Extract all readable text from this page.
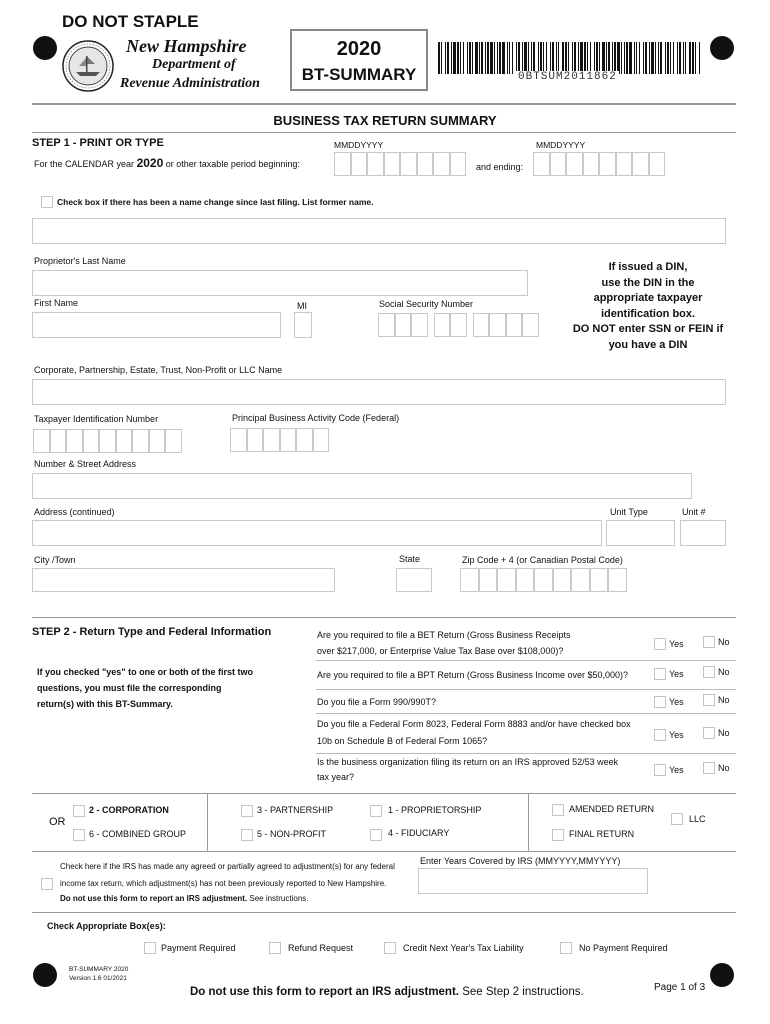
DO NOT STAPLE
New Hampshire
Department of
Revenue Administration
2020
BT-SUMMARY	0BTSUM2011862
BUSINESS TAX RETURN SUMMARY
STEP 1 - PRINT OR TYPE	MMDDYYYY	MMDDYYYY
For the CALENDAR year 2020 or other taxable period beginning:	and ending:
Check box if there has been a name change since last filing. List former name.
Proprietor's Last Name
First Name	MI	Social Security Number
If issued a DIN,
use the DIN in the
appropriate taxpayer
identification box.
DO NOT enter SSN or FEIN if
you have a DIN
Corporate, Partnership, Estate, Trust, Non-Profit or LLC Name
Taxpayer Identification Number	Principal Business Activity Code (Federal)
Number & Street Address
Address (continued)	Unit Type	Unit #
City /Town	State	Zip Code + 4 (or Canadian Postal Code)
STEP 2 - Return Type and Federal Information
If you checked "yes" to one or both of the first two
questions, you must file the corresponding
return(s) with this BT-Summary.
Are you required to file a BET Return (Gross Business Receipts
over $217,000, or Enterprise Value Tax Base over $108,000)?
Yes	No
Are you required to file a BPT Return (Gross Business Income over $50,000)?	Yes	No
Do you file a Form 990/990T?	Yes	No
Do you file a Federal Form 8023, Federal Form 8883 and/or have checked box
10b on Schedule B of Federal Form 1065?
Yes	No
Is the business organization filing its return on an IRS approved 52/53 week
tax year?
Yes	No
OR
2 - CORPORATION
6 - COMBINED GROUP
3 - PARTNERSHIP
5 - NON-PROFIT
1 - PROPRIETORSHIP
4 - FIDUCIARY
AMENDED RETURN
FINAL RETURN
LLC
Check here if the IRS has made any agreed or partially agreed to adjustment(s) for any federal
income tax return, which adjustment(s) has not been previously reported to New Hampshire.
Do not use this form to report an IRS adjustment. See instructions.
Enter Years Covered by IRS (MMYYYY,MMYYYY)
Check Appropriate Box(es):
Payment Required	Refund Request	Credit Next Year's Tax Liability	No Payment Required
BT-SUMMARY 2020
Version 1.6 01/2021
Do not use this form to report an IRS adjustment. See Step 2 instructions.	Page 1 of 3
